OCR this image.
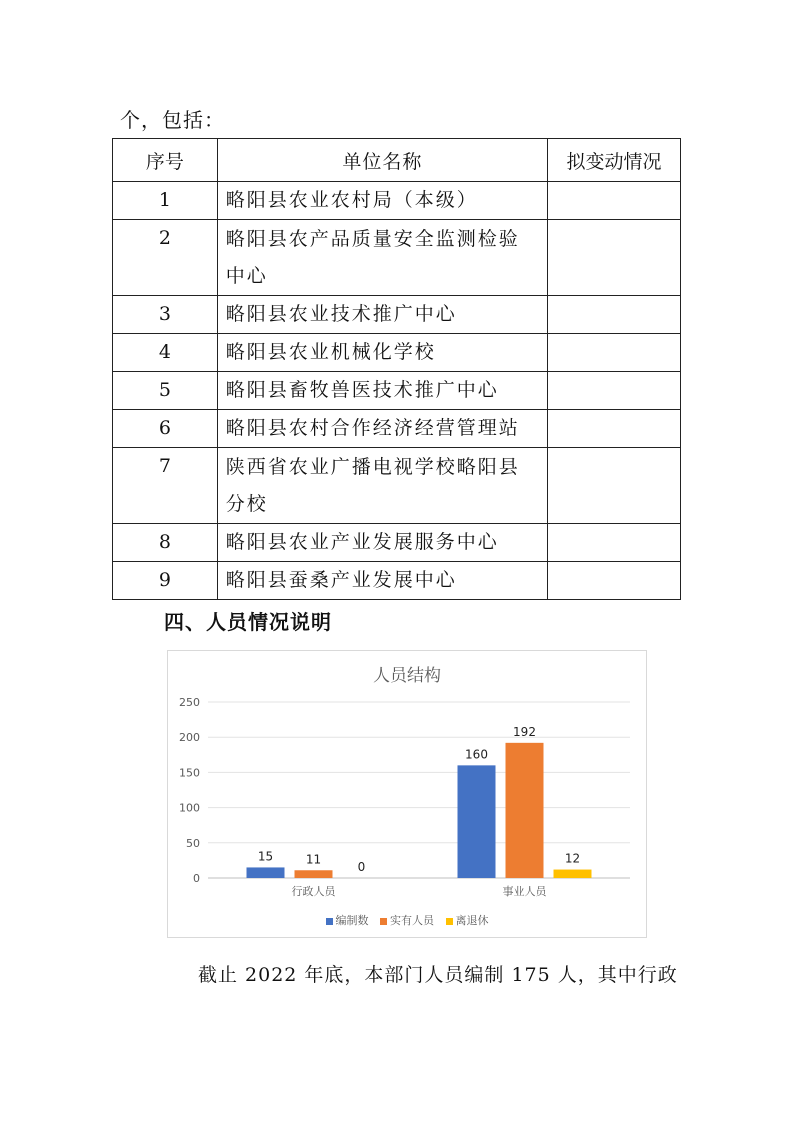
个，包括：
序号	单位名称	拟变动情况
1	略阳县农业农村局（本级）	
2	略阳县农产品质量安全监测检验中心	
3	略阳县农业技术推广中心	
4	略阳县农业机械化学校	
5	略阳县畜牧兽医技术推广中心	
6	略阳县农村合作经济经营管理站	
7	陕西省农业广播电视学校略阳县分校	
8	略阳县农业产业发展服务中心	
9	略阳县蚕桑产业发展中心	
四、人员情况说明
人员结构
0
50
100
150
200
250
15	11
0
行政人员
160
192
12
事业人员
编制数 实有人员 离退休
截止 2022 年底，本部门人员编制 175 人，其中行政
